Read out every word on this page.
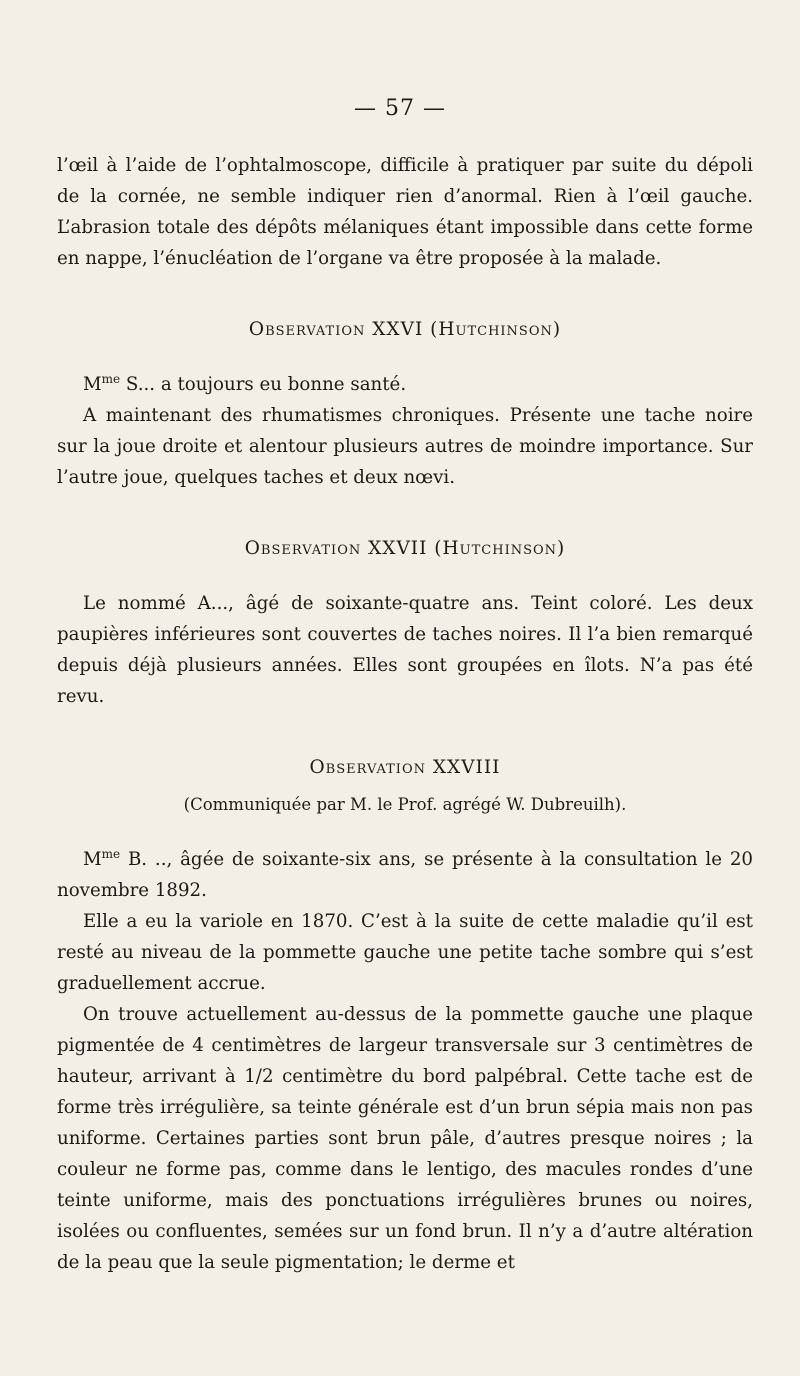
— 57 —

l’œil à l’aide de l’ophtalmoscope, difficile à pratiquer par suite du dépoli de la cornée, ne semble indiquer rien d’anormal. Rien à l’œil gauche. L’abrasion totale des dépôts mélaniques étant impossible dans cette forme en nappe, l’énucléation de l’organe va être proposée à la malade.

Observation XXVI (Hutchinson)

$M^{me}$ S... a toujours eu bonne santé.

A maintenant des rhumatismes chroniques. Présente une tache noire sur la joue droite et alentour plusieurs autres de moindre importance. Sur l’autre joue, quelques taches et deux nœvi.

Observation XXVII (Hutchinson)

Le nommé A..., âgé de soixante-quatre ans. Teint coloré. Les deux paupières inférieures sont couvertes de taches noires. Il l’a bien remarqué depuis déjà plusieurs années. Elles sont groupées en îlots. N’a pas été revu.

Observation XXVIII

(Communiquée par M. le Prof. agrégé W. Dubreuilh).

$M^{me}$ B. .., âgée de soixante-six ans, se présente à la consultation le 20 novembre 1892.

Elle a eu la variole en 1870. C’est à la suite de cette maladie qu’il est resté au niveau de la pommette gauche une petite tache sombre qui s’est graduellement accrue.

On trouve actuellement au-dessus de la pommette gauche une plaque pigmentée de 4 centimètres de largeur transversale sur 3 centimètres de hauteur, arrivant à 1/2 centimètre du bord palpébral. Cette tache est de forme très irrégulière, sa teinte générale est d’un brun sépia mais non pas uniforme. Certaines parties sont brun pâle, d’autres presque noires ; la couleur ne forme pas, comme dans le lentigo, des macules rondes d’une teinte uniforme, mais des ponctuations irrégulières brunes ou noires, isolées ou confluentes, semées sur un fond brun. Il n’y a d’autre altération de la peau que la seule pigmentation; le derme et
